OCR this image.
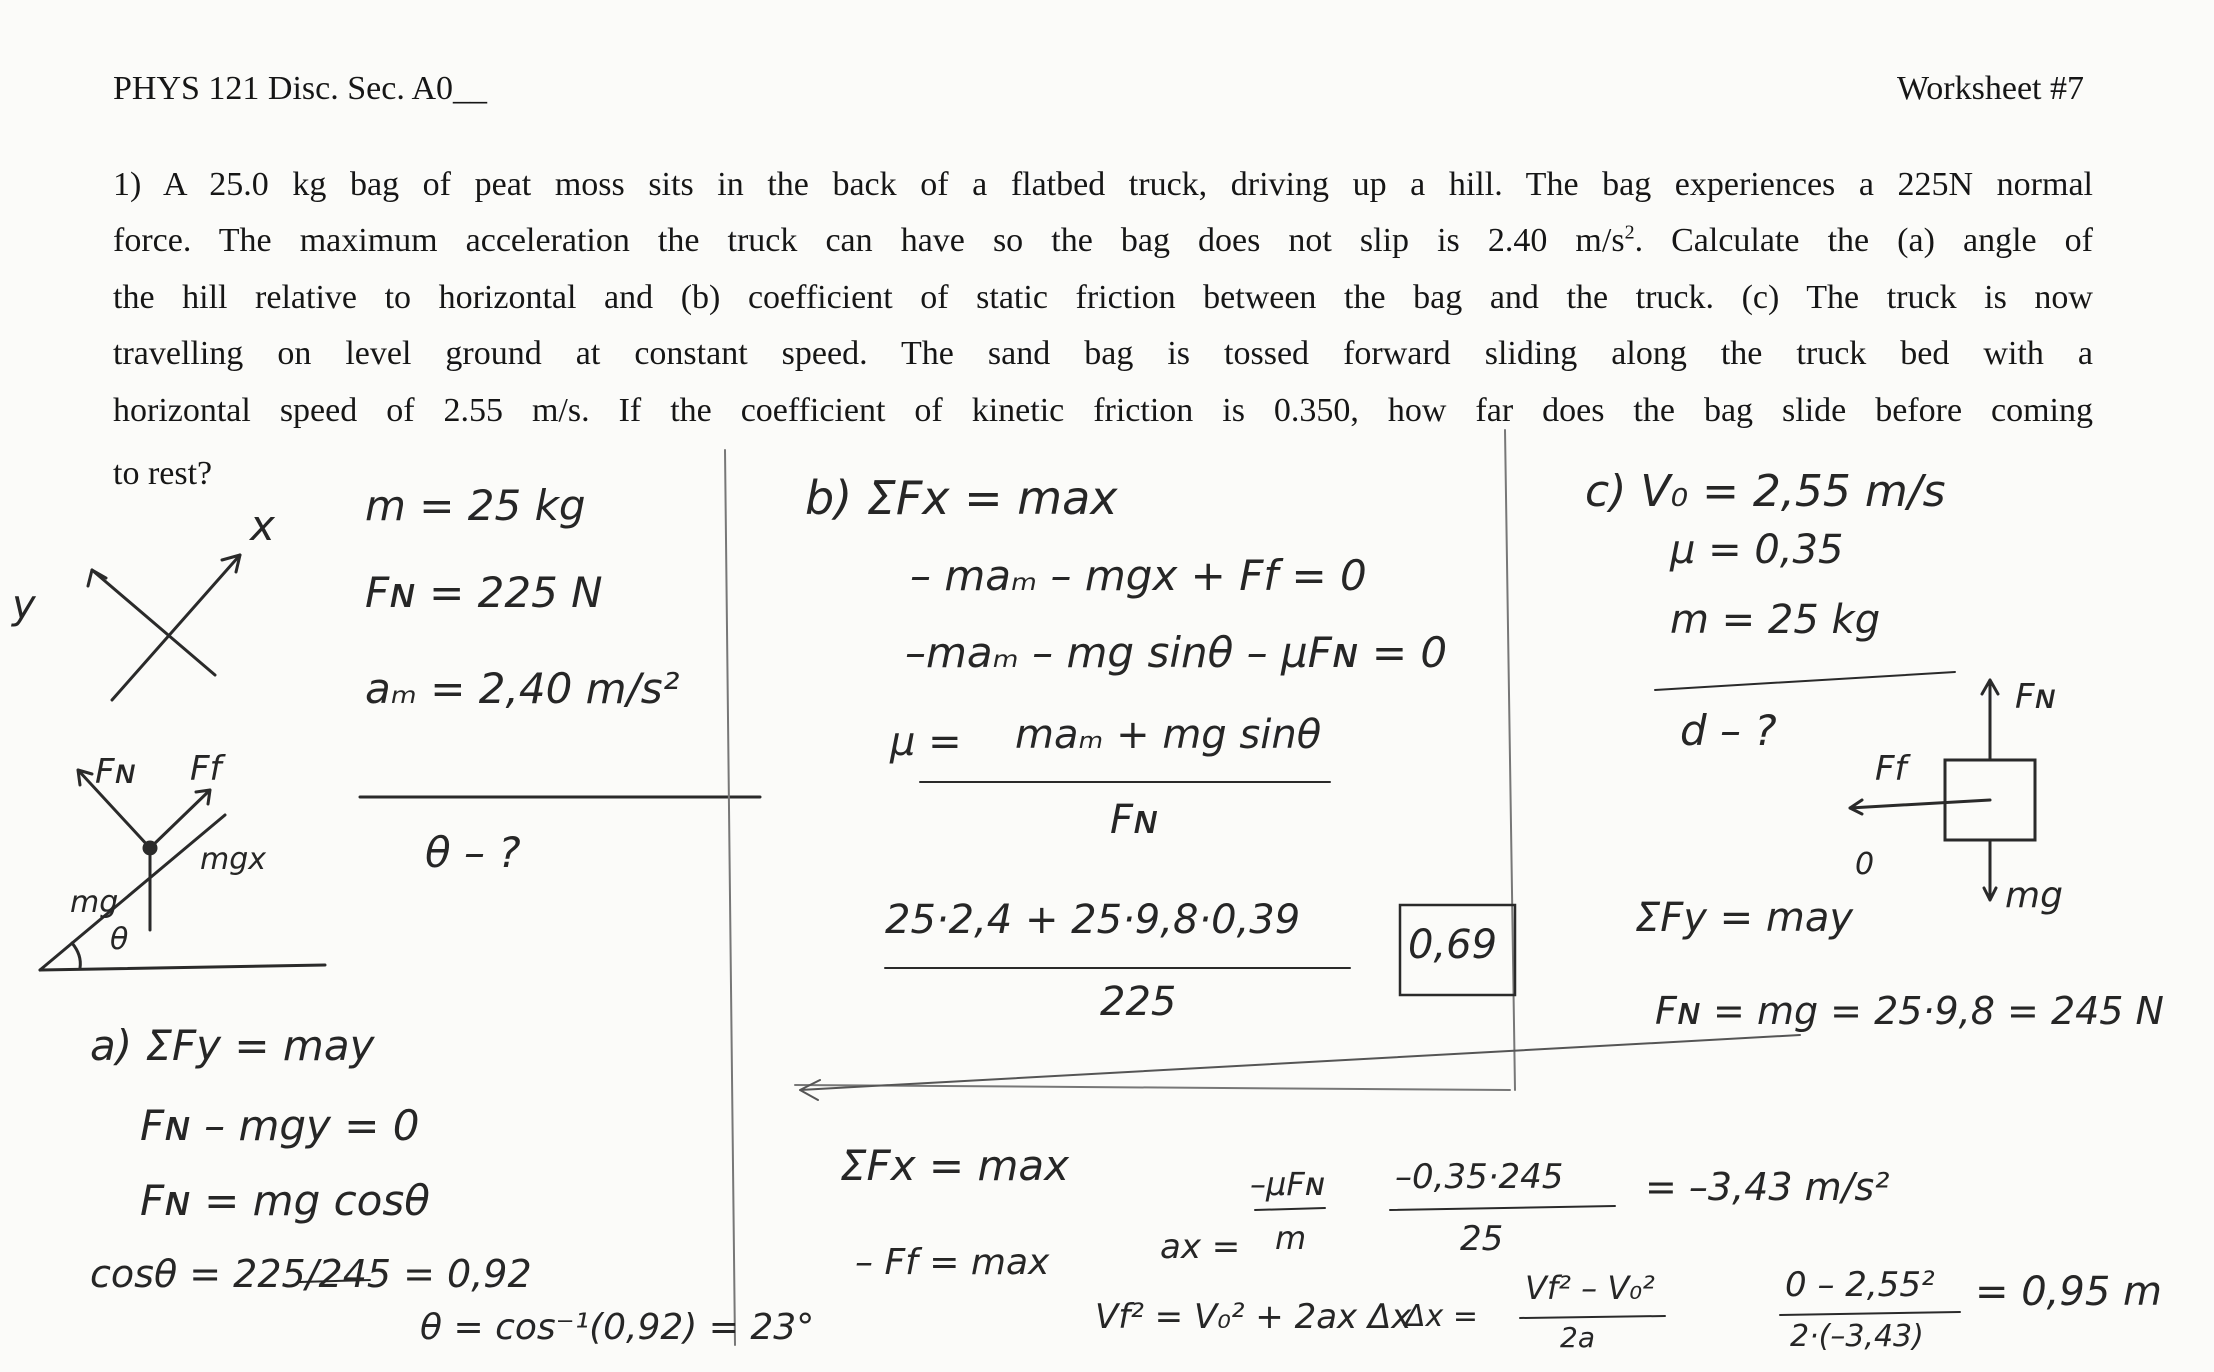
PHYS 121 Disc. Sec. A0__	Worksheet #7
1) A 25.0 kg bag of peat moss sits in the back of a flatbed truck, driving up a hill. The bag experiences a 225N normal
force. The maximum acceleration the truck can have so the bag does not slip is 2.40 $m/s^2$. Calculate the (a) angle of
the hill relative to horizontal and (b) coefficient of static friction between the bag and the truck. (c) The truck is now
travelling on level ground at constant speed. The sand bag is tossed forward sliding along the truck bed with a
horizontal speed of 2.55 m/s. If the coefficient of kinetic friction is 0.350, how far does the bag slide before coming
to rest?
m = 25 kg
Fɴ = 225 N
aₘ = 2,40 m/s²
θ – ?
x
y
Fɴ Ff
mg
mgx
θ
a) ΣFy = may
Fɴ – mgy = 0
Fɴ = mg cosθ
cosθ = 225/245 = 0,92
θ = cos⁻¹(0,92) = 23°
b) ΣFx = max
– maₘ – mgx + Ff = 0
–maₘ – mg sinθ – μFɴ = 0
μ = maₘ + mg sinθ
Fɴ
25·2,4 + 25·9,8·0,39
225
0,69
c) V₀ = 2,55 m/s
μ = 0,35
m = 25 kg
d – ?
Fɴ
Ff
mg
ΣFy = may
0
Fɴ = mg = 25·9,8 = 245 N
ΣFx = max
– Ff = max	ax =
–μFɴ
m
–0,35·245
25
= –3,43 m/s²
Vf² = V₀² + 2ax Δx
Δx =
Vf² – V₀²
2a
0 – 2,55²
2·(–3,43)
= 0,95 m
